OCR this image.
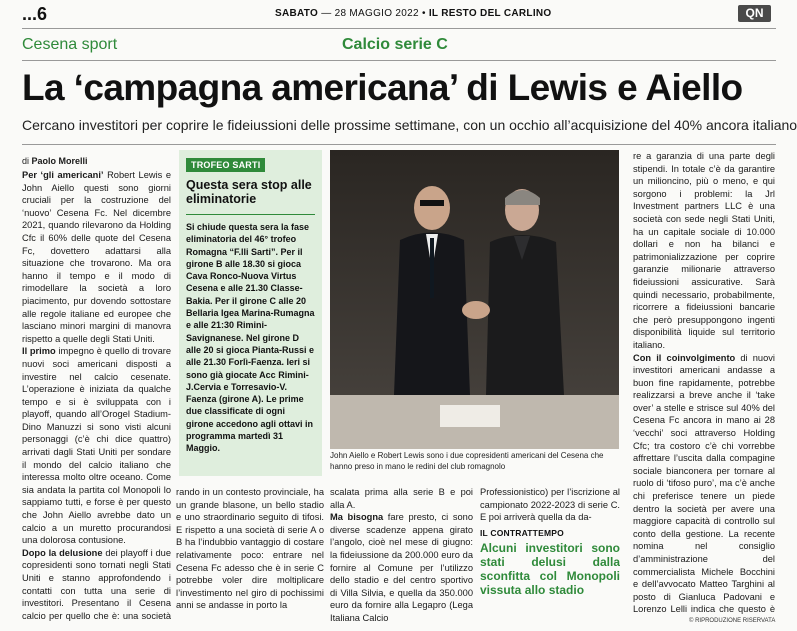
...6	SABATO — 28 MAGGIO 2022 • IL RESTO DEL CARLINO	QN
Cesena sport	Calcio serie C
La ‘campagna americana’ di Lewis e Aiello
Cercano investitori per coprire le fideiussioni delle prossime settimane, con un occhio all’acquisizione del 40% ancora italiano
di Paolo Morelli

Per ‘gli americani’ Robert Lewis e John Aiello questi sono giorni cruciali per la costruzione del ‘nuovo’ Cesena Fc. Nel dicembre 2021, quando rilevarono da Holding Cfc il 60% delle quote del Cesena Fc, dovettero adattarsi alla situazione che trovarono. Ma ora hanno il tempo e il modo di rimodellare la società a loro piacimento, pur dovendo sottostare alle regole italiane ed europee che lasciano minori margini di manovra rispetto a quelle degli Stati Uniti.

Il primo impegno è quello di trovare nuovi soci americani disposti a investire nel calcio cesenate. L’operazione è iniziata da qualche tempo e si è sviluppata con i playoff, quando all’Orogel Stadium-Dino Manuzzi si sono visti alcuni personaggi (c’è chi dice quattro) arrivati dagli Stati Uniti per sondare il mondo del calcio italiano che interessa molto oltre oceano. Come sia andata la partita col Monopoli lo sappiamo tutti, e forse è per questo che John Aiello avrebbe dato un calcio a un muretto procurandosi una dolorosa contusione.

Dopo la delusione dei playoff i due copresidenti sono tornati negli Stati Uniti e stanno approfondendo i contatti con tutta una serie di investitori. Presentano il Cesena calcio per quello che è: una società

TROFEO SARTI
Questa sera stop alle eliminatorie
Si chiude questa sera la fase eliminatoria del 46° trofeo Romagna “F.lli Sarti”. Per il girone B alle 18.30 si gioca Cava Ronco-Nuova Virtus Cesena e alle 21.30 Classe- Bakia. Per il girone C alle 20 Bellaria Igea Marina-Rumagna e alle 21:30 Rimini-Savignanese. Nel girone D alle 20 si gioca Pianta-Russi e alle 21.30 Forlì-Faenza. Ieri si sono già giocate Acc Rimini-J.Cervia e Torresavio-V. Faenza (girone A). Le prime due classificate di ogni girone accedono agli ottavi in programma martedì 31 Maggio.

rando in un contesto provinciale, ha un grande blasone, un bello stadio e uno straordinario seguito di tifosi. E rispetto a una società di serie A o B ha l’indubbio vantaggio di costare relativamente poco: entrare nel Cesena Fc adesso che è in serie C potrebbe voler dire moltiplicare l’investimento nel giro di pochissimi anni se andasse in porto la

John Aiello e Robert Lewis sono i due copresidenti americani del Cesena che hanno preso in mano le redini del club romagnolo

scalata prima alla serie B e poi alla A.

Ma bisogna fare presto, ci sono diverse scadenze appena girato l’angolo, cioè nel mese di giugno: la fideiussione da 200.000 euro da fornire al Comune per l’utilizzo dello stadio e del centro sportivo di Villa Silvia, e quella da 350.000 euro da fornire alla Legapro (Lega Italiana Calcio

Professionistico) per l’iscrizione al campionato 2022-2023 di serie C. E poi arriverà quella da da-

IL CONTRATTEMPO
Alcuni investitori sono stati delusi dalla sconfitta col Monopoli vissuta allo stadio

re a garanzia di una parte degli stipendi. In totale c’è da garantire un milioncino, più o meno, e qui sorgono i problemi: la Jrl Investment partners LLC è una società con sede negli Stati Uniti, ha un capitale sociale di 10.000 dollari e non ha bilanci e patrimonializzazione per coprire garanzie milionarie attraverso fideiussioni assicurative. Sarà quindi necessario, probabilmente, ricorrere a fideiussioni bancarie che però presuppongono ingenti disponibilità liquide sul territorio italiano.

Con il coinvolgimento di nuovi investitori americani andasse a buon fine rapidamente, potrebbe realizzarsi a breve anche il ‘take over’ a stelle e strisce sul 40% del Cesena Fc ancora in mano ai 28 ‘vecchi’ soci attraverso Holding Cfc; tra costoro c’è chi vorrebbe affrettare l’uscita dalla compagine sociale bianconera per tornare al ruolo di ‘tifoso puro’, ma c’è anche chi preferisce tenere un piede dentro la società per avere una maggiore capacità di controllo sul conto della gestione. La recente nomina nel consiglio d’amministrazione del commercialista Michele Bocchini e dell’avvocato Matteo Targhini al posto di Gianluca Padovani e Lorenzo Lelli indica che questo è

© RIPRODUZIONE RISERVATA
